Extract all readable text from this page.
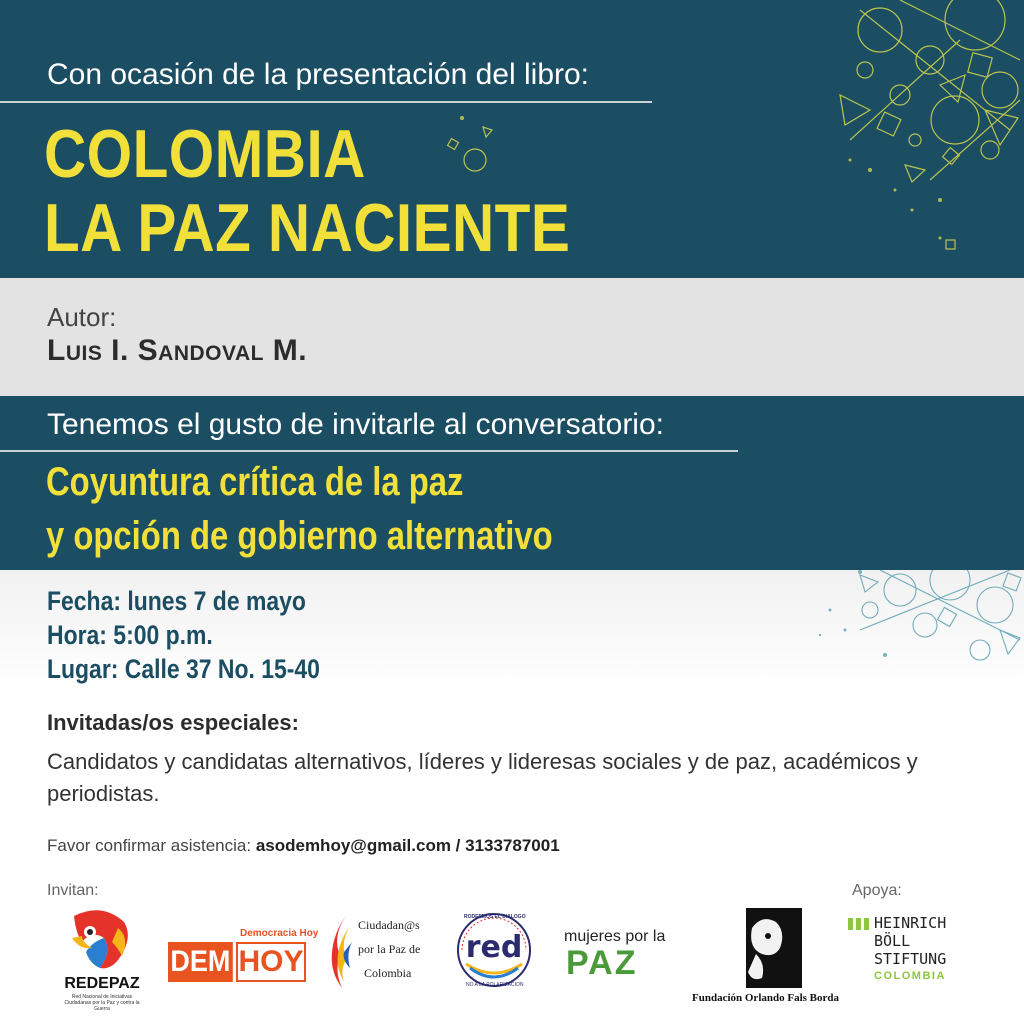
Con ocasión de la presentación del libro:
COLOMBIA
LA PAZ NACIENTE
Autor:
Luis I. Sandoval M.
Tenemos el gusto de invitarle al conversatorio:
Coyuntura crítica de la paz
y opción de gobierno alternativo
Fecha: lunes 7 de mayo
Hora: 5:00 p.m.
Lugar: Calle 37 No. 15-40
Invitadas/os especiales:
Candidatos y candidatas alternativos, líderes y lideresas sociales y de paz, académicos y periodistas.
Favor confirmar asistencia: asodemhoy@gmail.com / 3133787001
Invitan:	Apoya:
REDEPAZ
Red Nacional de Iniciativas Ciudadanas por la Paz y contra la Guerra
Democracia Hoy
DEM HOY
Ciudadan@s
por la Paz de
Colombia
RODEEMOS EL DIALOGO
red
NO A LA POLARIZACION
mujeres por la
PAZ
Fundación Orlando Fals Borda
HEINRICH
BÖLL
STIFTUNG
COLOMBIA
